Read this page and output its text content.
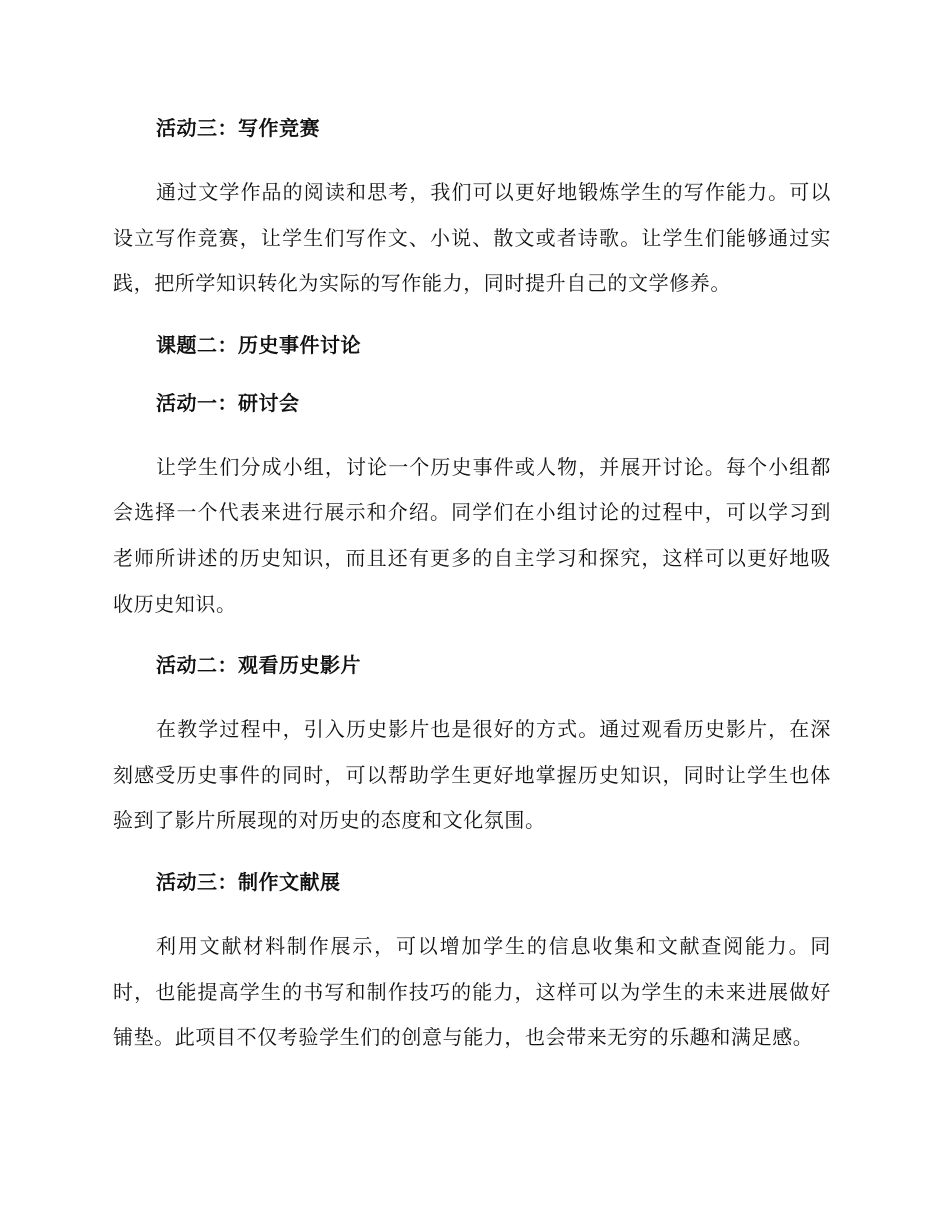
活动三：写作竞赛

通过文学作品的阅读和思考，我们可以更好地锻炼学生的写作能力。可以设立写作竞赛，让学生们写作文、小说、散文或者诗歌。让学生们能够通过实践，把所学知识转化为实际的写作能力，同时提升自己的文学修养。

课题二：历史事件讨论
活动一：研讨会

让学生们分成小组，讨论一个历史事件或人物，并展开讨论。每个小组都会选择一个代表来进行展示和介绍。同学们在小组讨论的过程中，可以学习到老师所讲述的历史知识，而且还有更多的自主学习和探究，这样可以更好地吸收历史知识。

活动二：观看历史影片

在教学过程中，引入历史影片也是很好的方式。通过观看历史影片，在深刻感受历史事件的同时，可以帮助学生更好地掌握历史知识，同时让学生也体验到了影片所展现的对历史的态度和文化氛围。

活动三：制作文献展

利用文献材料制作展示，可以增加学生的信息收集和文献查阅能力。同时，也能提高学生的书写和制作技巧的能力，这样可以为学生的未来进展做好铺垫。此项目不仅考验学生们的创意与能力，也会带来无穷的乐趣和满足感。
